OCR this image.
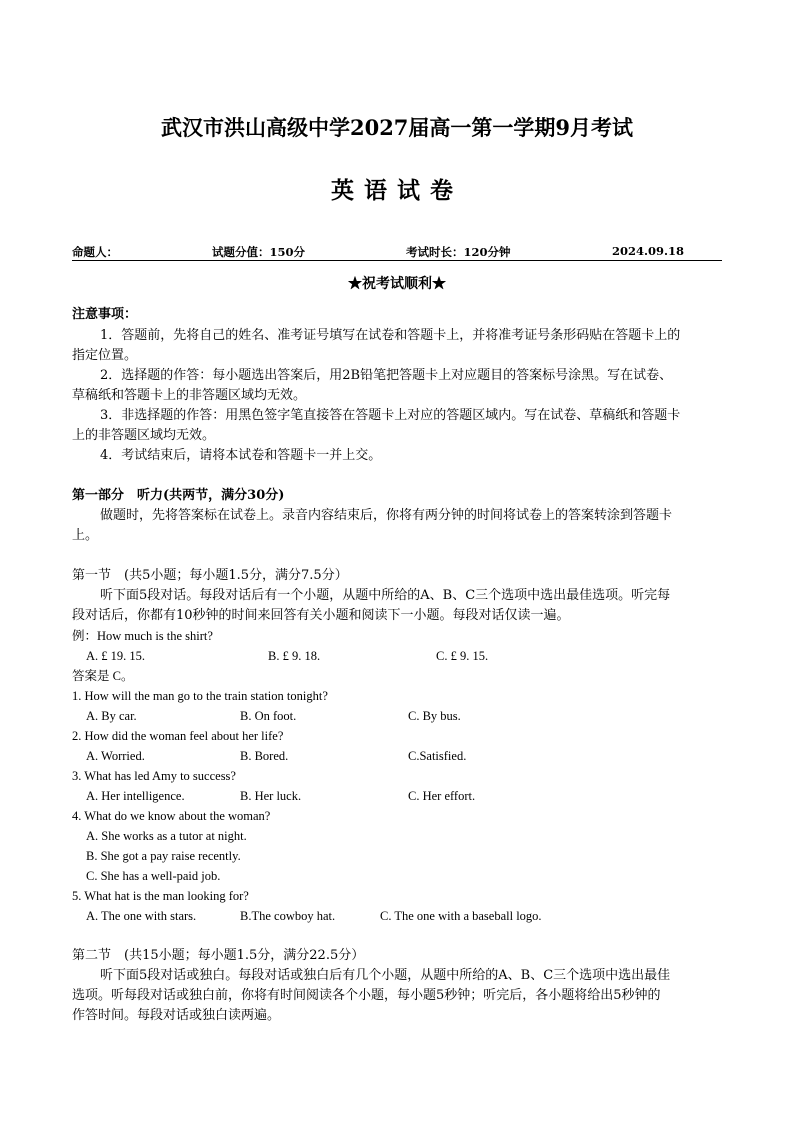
武汉市洪山高级中学2027届高一第一学期9月考试
英语试卷
命题人：	试题分值：150分	考试时长：120分钟	2024.09.18
★祝考试顺利★
注意事项：
1．答题前，先将自己的姓名、准考证号填写在试卷和答题卡上，并将准考证号条形码贴在答题卡上的
指定位置。
2．选择题的作答：每小题选出答案后，用2B铅笔把答题卡上对应题目的答案标号涂黑。写在试卷、
草稿纸和答题卡上的非答题区域均无效。
3．非选择题的作答：用黑色签字笔直接答在答题卡上对应的答题区域内。写在试卷、草稿纸和答题卡
上的非答题区域均无效。
4．考试结束后，请将本试卷和答题卡一并上交。
第一部分　听力(共两节，满分30分)
做题时，先将答案标在试卷上。录音内容结束后，你将有两分钟的时间将试卷上的答案转涂到答题卡
上。
第一节　(共5小题；每小题1.5分，满分7.5分）
听下面5段对话。每段对话后有一个小题，从题中所给的A、B、C三个选项中选出最佳选项。听完每
段对话后，你都有10秒钟的时间来回答有关小题和阅读下一小题。每段对话仅读一遍。
例：How much is the shirt?
A. £ 19. 15.	B. £ 9. 18.	C. £ 9. 15.
答案是 C。
1. How will the man go to the train station tonight?
A. By car.	B. On foot.	C. By bus.
2. How did the woman feel about her life?
A. Worried.	B. Bored.	C.Satisfied.
3. What has led Amy to success?
A. Her intelligence.	B. Her luck.	C. Her effort.
4. What do we know about the woman?
A. She works as a tutor at night.
B. She got a pay raise recently.
C. She has a well-paid job.
5. What hat is the man looking for?
A. The one with stars.	B.The cowboy hat.	C. The one with a baseball logo.
第二节　(共15小题；每小题1.5分，满分22.5分）
听下面5段对话或独白。每段对话或独白后有几个小题，从题中所给的A、B、C三个选项中选出最佳
选项。听每段对话或独白前，你将有时间阅读各个小题，每小题5秒钟；听完后，各小题将给出5秒钟的
作答时间。每段对话或独白读两遍。
